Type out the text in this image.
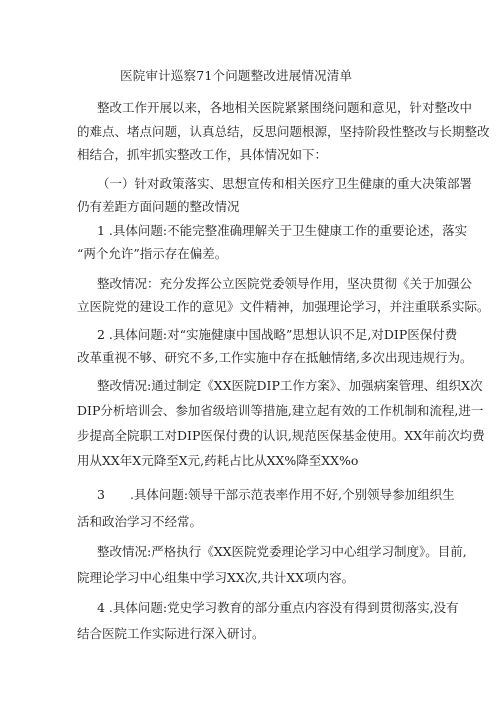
医院审计巡察71个问题整改进展情况清单
整改工作开展以来，各地相关医院紧紧围绕问题和意见，针对整改中
的难点、堵点问题，认真总结，反思问题根源，坚持阶段性整改与长期整改
相结合，抓牢抓实整改工作，具体情况如下：
（一）针对政策落实、思想宣传和相关医疗卫生健康的重大决策部署
仍有差距方面问题的整改情况
1 .具体问题:不能完整准确理解关于卫生健康工作的重要论述，落实
“两个允许”指示存在偏差。
整改情况：充分发挥公立医院党委领导作用，坚决贯彻《关于加强公
立医院党的建设工作的意见》文件精神，加强理论学习，并注重联系实际。
2 .具体问题:对“实施健康中国战略”思想认识不足,对DIP医保付费
改革重视不够、研究不多,工作实施中存在抵触情绪,多次出现违规行为。
整改情况:通过制定《XX医院DIP工作方案》、加强病案管理、组织X次
DIP分析培训会、参加省级培训等措施,建立起有效的工作机制和流程,进一
步提高全院职工对DIP医保付费的认识,规范医保基金使用。XX年前次均费
用从XX年X元降至X元,药耗占比从XX%降至XX%o
3　　.具体问题:领导干部示范表率作用不好,个别领导参加组织生
活和政治学习不经常。
整改情况:严格执行《XX医院党委理论学习中心组学习制度》。目前,
院理论学习中心组集中学习XX次,共计XX项内容。
4 .具体问题:党史学习教育的部分重点内容没有得到贯彻落实,没有
结合医院工作实际进行深入研讨。
